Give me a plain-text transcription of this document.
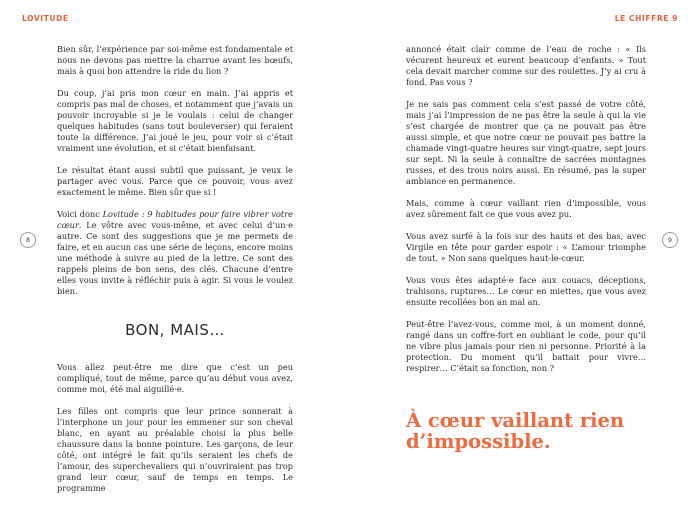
LOVITUDE	LE CHIFFRE 9
8	9

Bien sûr, l’expérience par soi-même est fondamentale et nous ne devons pas mettre la charrue avant les bœufs, mais à quoi bon attendre la ride du lion ?

Du coup, j’ai pris mon cœur en main. J’ai appris et compris pas mal de choses, et notamment que j’avais un pouvoir incroyable si je le voulais : celui de changer quelques habitudes (sans tout bouleverser) qui feraient toute la différence. J’ai joué le jeu, pour voir si c’était vraiment une évolution, et si c’était bienfaisant.

Le résultat étant aussi subtil que puissant, je veux le partager avec vous. Parce que ce pouvoir, vous avez exactement le même. Bien sûr que si !

Voici donc Lovitude : 9 habitudes pour faire vibrer votre cœur. Le vôtre avec vous-même, et avec celui d’un·e autre. Ce sont des suggestions que je me permets de faire, et en aucun cas une série de leçons, encore moins une méthode à suivre au pied de la lettre. Ce sont des rappels pleins de bon sens, des clés. Chacune d’entre elles vous invite à réfléchir puis à agir. Si vous le voulez bien.

BON, MAIS…

Vous allez peut-être me dire que c’est un peu compliqué, tout de même, parce qu’au début vous avez, comme moi, été mal aiguillé·e.

Les filles ont compris que leur prince sonnerait à l’interphone un jour pour les emmener sur son cheval blanc, en ayant au préalable choisi la plus belle chaussure dans la bonne pointure. Les garçons, de leur côté, ont intégré le fait qu’ils seraient les chefs de l’amour, des superchevaliers qui n’ouvriraient pas trop grand leur cœur, sauf de temps en temps. Le programme

annoncé était clair comme de l’eau de roche : « Ils vécurent heureux et eurent beaucoup d’enfants. » Tout cela devait marcher comme sur des roulettes. J’y ai cru à fond. Pas vous ?

Je ne sais pas comment cela s’est passé de votre côté, mais j’ai l’impression de ne pas être la seule à qui la vie s’est chargée de montrer que ça ne pouvait pas être aussi simple, et que notre cœur ne pouvait pas battre la chamade vingt-quatre heures sur vingt-quatre, sept jours sur sept. Ni la seule à connaître de sacrées montagnes russes, et des trous noirs aussi. En résumé, pas la super ambiance en permanence.

Mais, comme à cœur vaillant rien d’impossible, vous avez sûrement fait ce que vous avez pu.

Vous avez surfé à la fois sur des hauts et des bas, avec Virgile en tête pour garder espoir : « L’amour triomphe de tout. » Non sans quelques haut-le-cœur.

Vous vous êtes adapté·e face aux couacs, déceptions, trahisons, ruptures… Le cœur en miettes, que vous avez ensuite recollées bon an mal an.

Peut-être l’avez-vous, comme moi, à un moment donné, rangé dans un coffre-fort en oubliant le code, pour qu’il ne vibre plus jamais pour rien ni personne. Priorité à la protection. Du moment qu’il battait pour vivre… respirer… C’était sa fonction, non ?

À cœur vaillant rien d’impossible.
